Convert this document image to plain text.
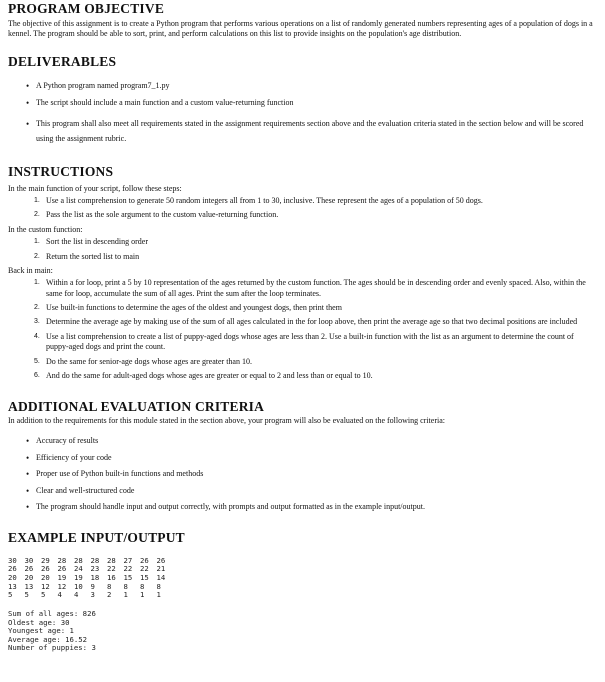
PROGRAM OBJECTIVE

The objective of this assignment is to create a Python program that performs various operations on a list of randomly generated numbers representing ages of a population of dogs in a kennel. The program should be able to sort, print, and perform calculations on this list to provide insights on the population's age distribution.

DELIVERABLES
• A Python program named program7_1.py
• The script should include a main function and a custom value-returning function
• This program shall also meet all requirements stated in the assignment requirements section above and the evaluation criteria stated in the section below and will be scored using the assignment rubric.
INSTRUCTIONS

In the main function of your script, follow these steps:

1. Use a list comprehension to generate 50 random integers all from 1 to 30, inclusive. These represent the ages of a population of 50 dogs.
2. Pass the list as the sole argument to the custom value-returning function.

In the custom function:

1. Sort the list in descending order
2. Return the sorted list to main

Back in main:

1. Within a for loop, print a 5 by 10 representation of the ages returned by the custom function. The ages should be in descending order and evenly spaced. Also, within the same for loop, accumulate the sum of all ages. Print the sum after the loop terminates.
2. Use built-in functions to determine the ages of the oldest and youngest dogs, then print them
3. Determine the average age by making use of the sum of all ages calculated in the for loop above, then print the average age so that two decimal positions are included
4. Use a list comprehension to create a list of puppy-aged dogs whose ages are less than 2. Use a built-in function with the list as an argument to determine the count of puppy-aged dogs and print the count.
5. Do the same for senior-age dogs whose ages are greater than 10.
6. And do the same for adult-aged dogs whose ages are greater or equal to 2 and less than or equal to 10.
ADDITIONAL EVALUATION CRITERIA

In addition to the requirements for this module stated in the section above, your program will also be evaluated on the following criteria:

• Accuracy of results
• Efficiency of your code
• Proper use of Python built-in functions and methods
• Clear and well-structured code
• The program should handle input and output correctly, with prompts and output formatted as in the example input/output.
EXAMPLE INPUT/OUTPUT
30 30 29 28 28 28 28 27 26 26
26 26 26 26 24 23 22 22 22 21
20 20 20 19 19 18 16 15 15 14
13 13 12 12 10 9 8 8 8 8
5 5 5 4 4 3 2 1 1 1
Sum of all ages: 826
Oldest age: 30
Youngest age: 1
Average age: 16.52
Number of puppies: 3
